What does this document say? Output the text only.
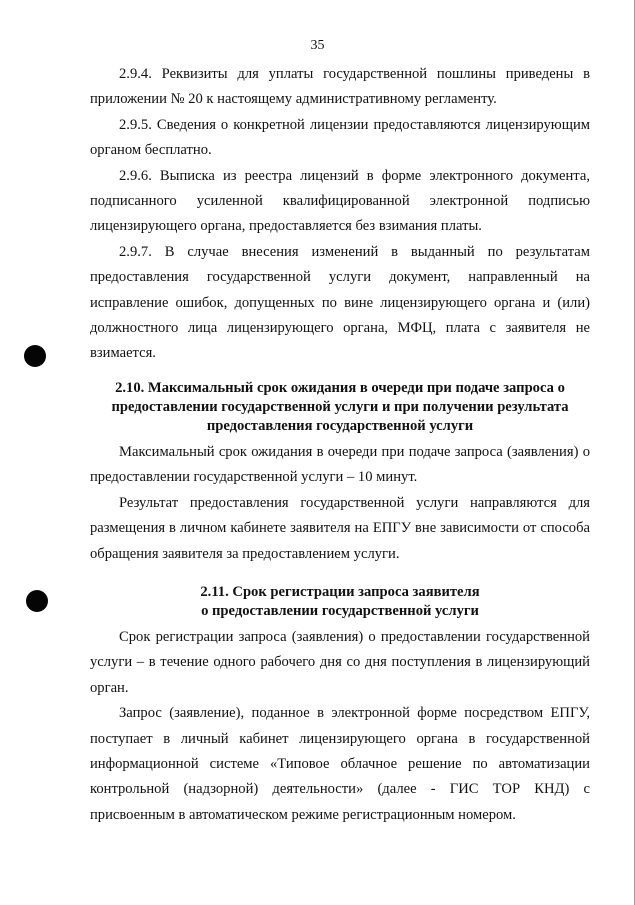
35

2.9.4. Реквизиты для уплаты государственной пошлины приведены в приложении № 20 к настоящему административному регламенту.

2.9.5. Сведения о конкретной лицензии предоставляются лицензирующим органом бесплатно.

2.9.6. Выписка из реестра лицензий в форме электронного документа, подписанного усиленной квалифицированной электронной подписью лицензирующего органа, предоставляется без взимания платы.

2.9.7. В случае внесения изменений в выданный по результатам предоставления государственной услуги документ, направленный на исправление ошибок, допущенных по вине лицензирующего органа и (или) должностного лица лицензирующего органа, МФЦ, плата с заявителя не взимается.

2.10. Максимальный срок ожидания в очереди при подаче запроса о предоставлении государственной услуги и при получении результата предоставления государственной услуги

Максимальный срок ожидания в очереди при подаче запроса (заявления) о предоставлении государственной услуги – 10 минут.

Результат предоставления государственной услуги направляются для размещения в личном кабинете заявителя на ЕПГУ вне зависимости от способа обращения заявителя за предоставлением услуги.

2.11. Срок регистрации запроса заявителя
о предоставлении государственной услуги

Срок регистрации запроса (заявления) о предоставлении государственной услуги – в течение одного рабочего дня со дня поступления в лицензирующий орган.

Запрос (заявление), поданное в электронной форме посредством ЕПГУ, поступает в личный кабинет лицензирующего органа в государственной информационной системе «Типовое облачное решение по автоматизации контрольной (надзорной) деятельности» (далее - ГИС ТОР КНД) с присвоенным в автоматическом режиме регистрационным номером.
